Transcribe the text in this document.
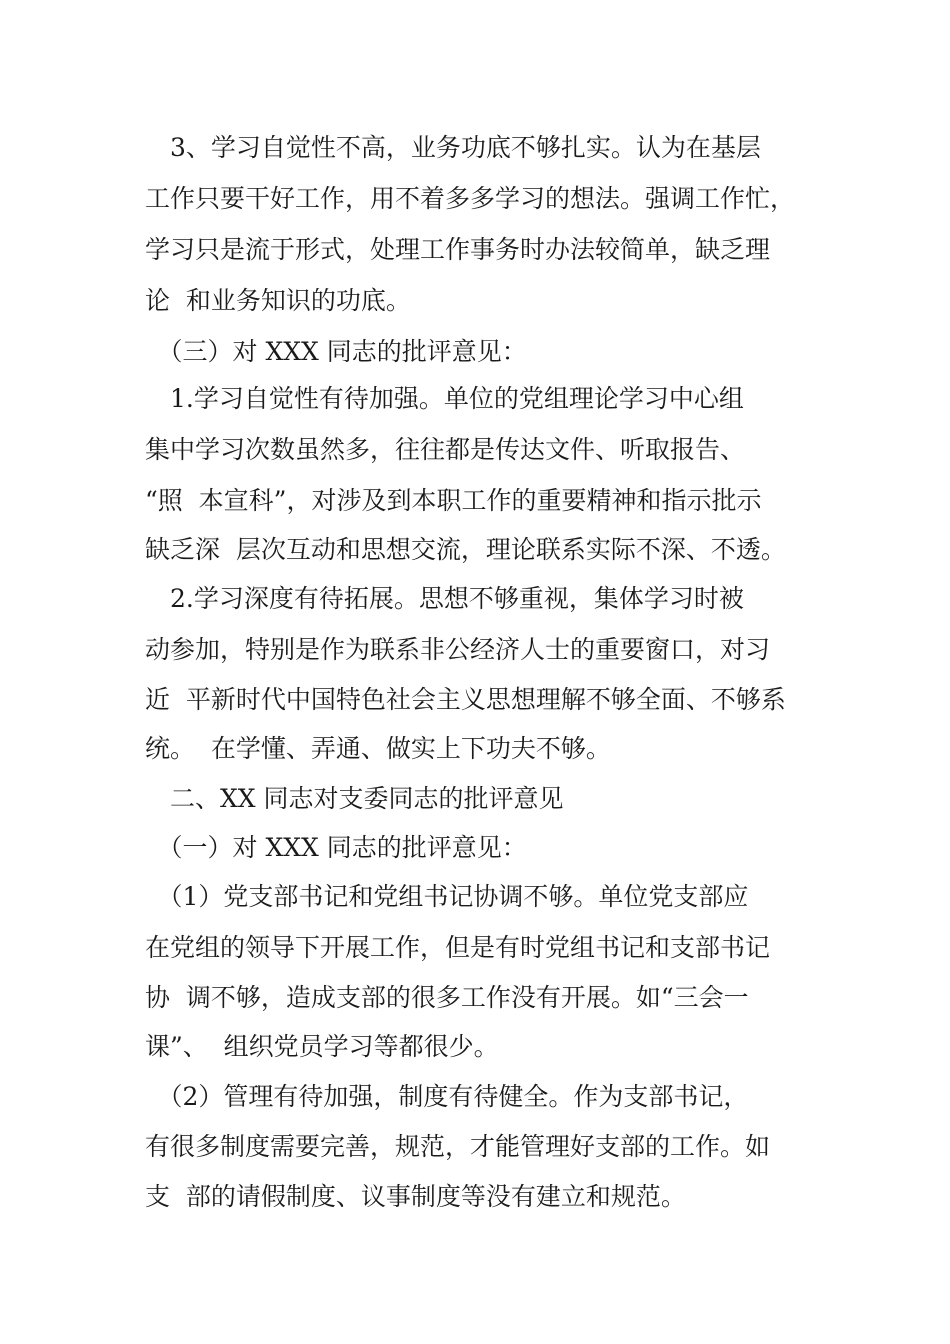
　3、学习自觉性不高，业务功底不够扎实。认为在基层
工作只要干好工作，用不着多多学习的想法。强调工作忙，
学习只是流于形式，处理工作事务时办法较简单，缺乏理
论  和业务知识的功底。
　（三）对 XXX 同志的批评意见：
　1.学习自觉性有待加强。单位的党组理论学习中心组
集中学习次数虽然多，往往都是传达文件、听取报告、
“照  本宣科”，对涉及到本职工作的重要精神和指示批示
缺乏深  层次互动和思想交流，理论联系实际不深、不透。
　2.学习深度有待拓展。思想不够重视，集体学习时被
动参加，特别是作为联系非公经济人士的重要窗口，对习
近  平新时代中国特色社会主义思想理解不够全面、不够系
统。  在学懂、弄通、做实上下功夫不够。
　二、XX 同志对支委同志的批评意见
　（一）对 XXX 同志的批评意见：
　（1）党支部书记和党组书记协调不够。单位党支部应
在党组的领导下开展工作，但是有时党组书记和支部书记
协  调不够，造成支部的很多工作没有开展。如“三会一
课”、  组织党员学习等都很少。
　（2）管理有待加强，制度有待健全。作为支部书记，
有很多制度需要完善，规范，才能管理好支部的工作。如
支  部的请假制度、议事制度等没有建立和规范。
